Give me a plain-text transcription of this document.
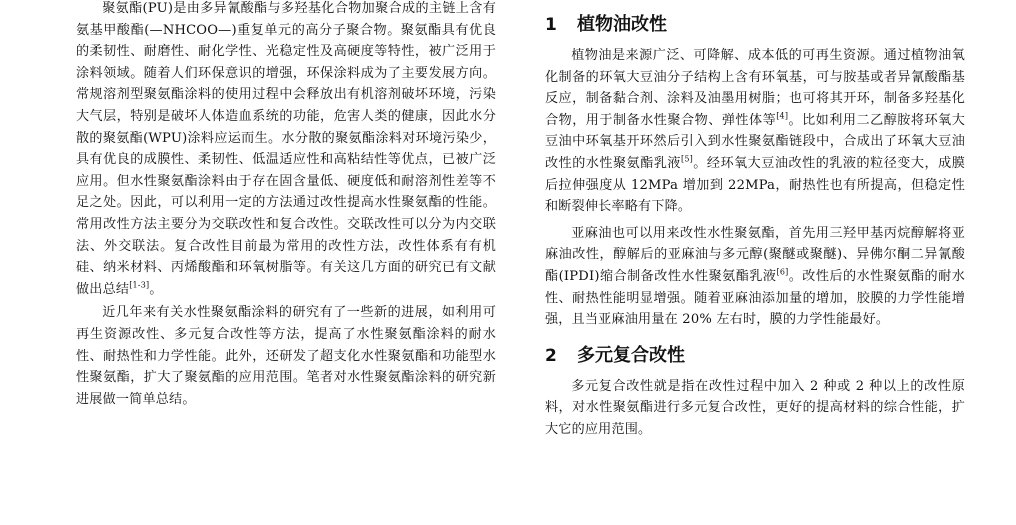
聚氨酯(PU)是由多异氰酸酯与多羟基化合物加聚合成的主链上含有氨基甲酸酯(—NHCOO—)重复单元的高分子聚合物。聚氨酯具有优良的柔韧性、耐磨性、耐化学性、光稳定性及高硬度等特性，被广泛用于涂料领域。随着人们环保意识的增强，环保涂料成为了主要发展方向。常规溶剂型聚氨酯涂料的使用过程中会释放出有机溶剂破坏环境，污染大气层，特别是破坏人体造血系统的功能，危害人类的健康，因此水分散的聚氨酯(WPU)涂料应运而生。水分散的聚氨酯涂料对环境污染少，具有优良的成膜性、柔韧性、低温适应性和高粘结性等优点，已被广泛应用。但水性聚氨酯涂料由于存在固含量低、硬度低和耐溶剂性差等不足之处。因此，可以利用一定的方法通过改性提高水性聚氨酯的性能。常用改性方法主要分为交联改性和复合改性。交联改性可以分为内交联法、外交联法。复合改性目前最为常用的改性方法，改性体系有有机硅、纳米材料、丙烯酸酯和环氧树脂等。有关这几方面的研究已有文献做出总结[1-3]。

近几年来有关水性聚氨酯涂料的研究有了一些新的进展，如利用可再生资源改性、多元复合改性等方法，提高了水性聚氨酯涂料的耐水性、耐热性和力学性能。此外，还研发了超支化水性聚氨酯和功能型水性聚氨酯，扩大了聚氨酯的应用范围。笔者对水性聚氨酯涂料的研究新进展做一简单总结。

1	植物油改性

植物油是来源广泛、可降解、成本低的可再生资源。通过植物油氧化制备的环氧大豆油分子结构上含有环氧基，可与胺基或者异氰酸酯基反应，制备黏合剂、涂料及油墨用树脂；也可将其开环，制备多羟基化合物，用于制备水性聚合物、弹性体等[4]。比如利用二乙醇胺将环氧大豆油中环氧基开环然后引入到水性聚氨酯链段中，合成出了环氧大豆油改性的水性聚氨酯乳液[5]。经环氧大豆油改性的乳液的粒径变大，成膜后拉伸强度从 12MPa 增加到 22MPa，耐热性也有所提高，但稳定性和断裂伸长率略有下降。

亚麻油也可以用来改性水性聚氨酯，首先用三羟甲基丙烷醇解将亚麻油改性，醇解后的亚麻油与多元醇(聚醚或聚醚)、异佛尔酮二异氰酸酯(IPDI)缩合制备改性水性聚氨酯乳液[6]。改性后的水性聚氨酯的耐水性、耐热性能明显增强。随着亚麻油添加量的增加，胶膜的力学性能增强，且当亚麻油用量在 20% 左右时，膜的力学性能最好。

2	多元复合改性

多元复合改性就是指在改性过程中加入 2 种或 2 种以上的改性原料，对水性聚氨酯进行多元复合改性，更好的提高材料的综合性能，扩大它的应用范围。
